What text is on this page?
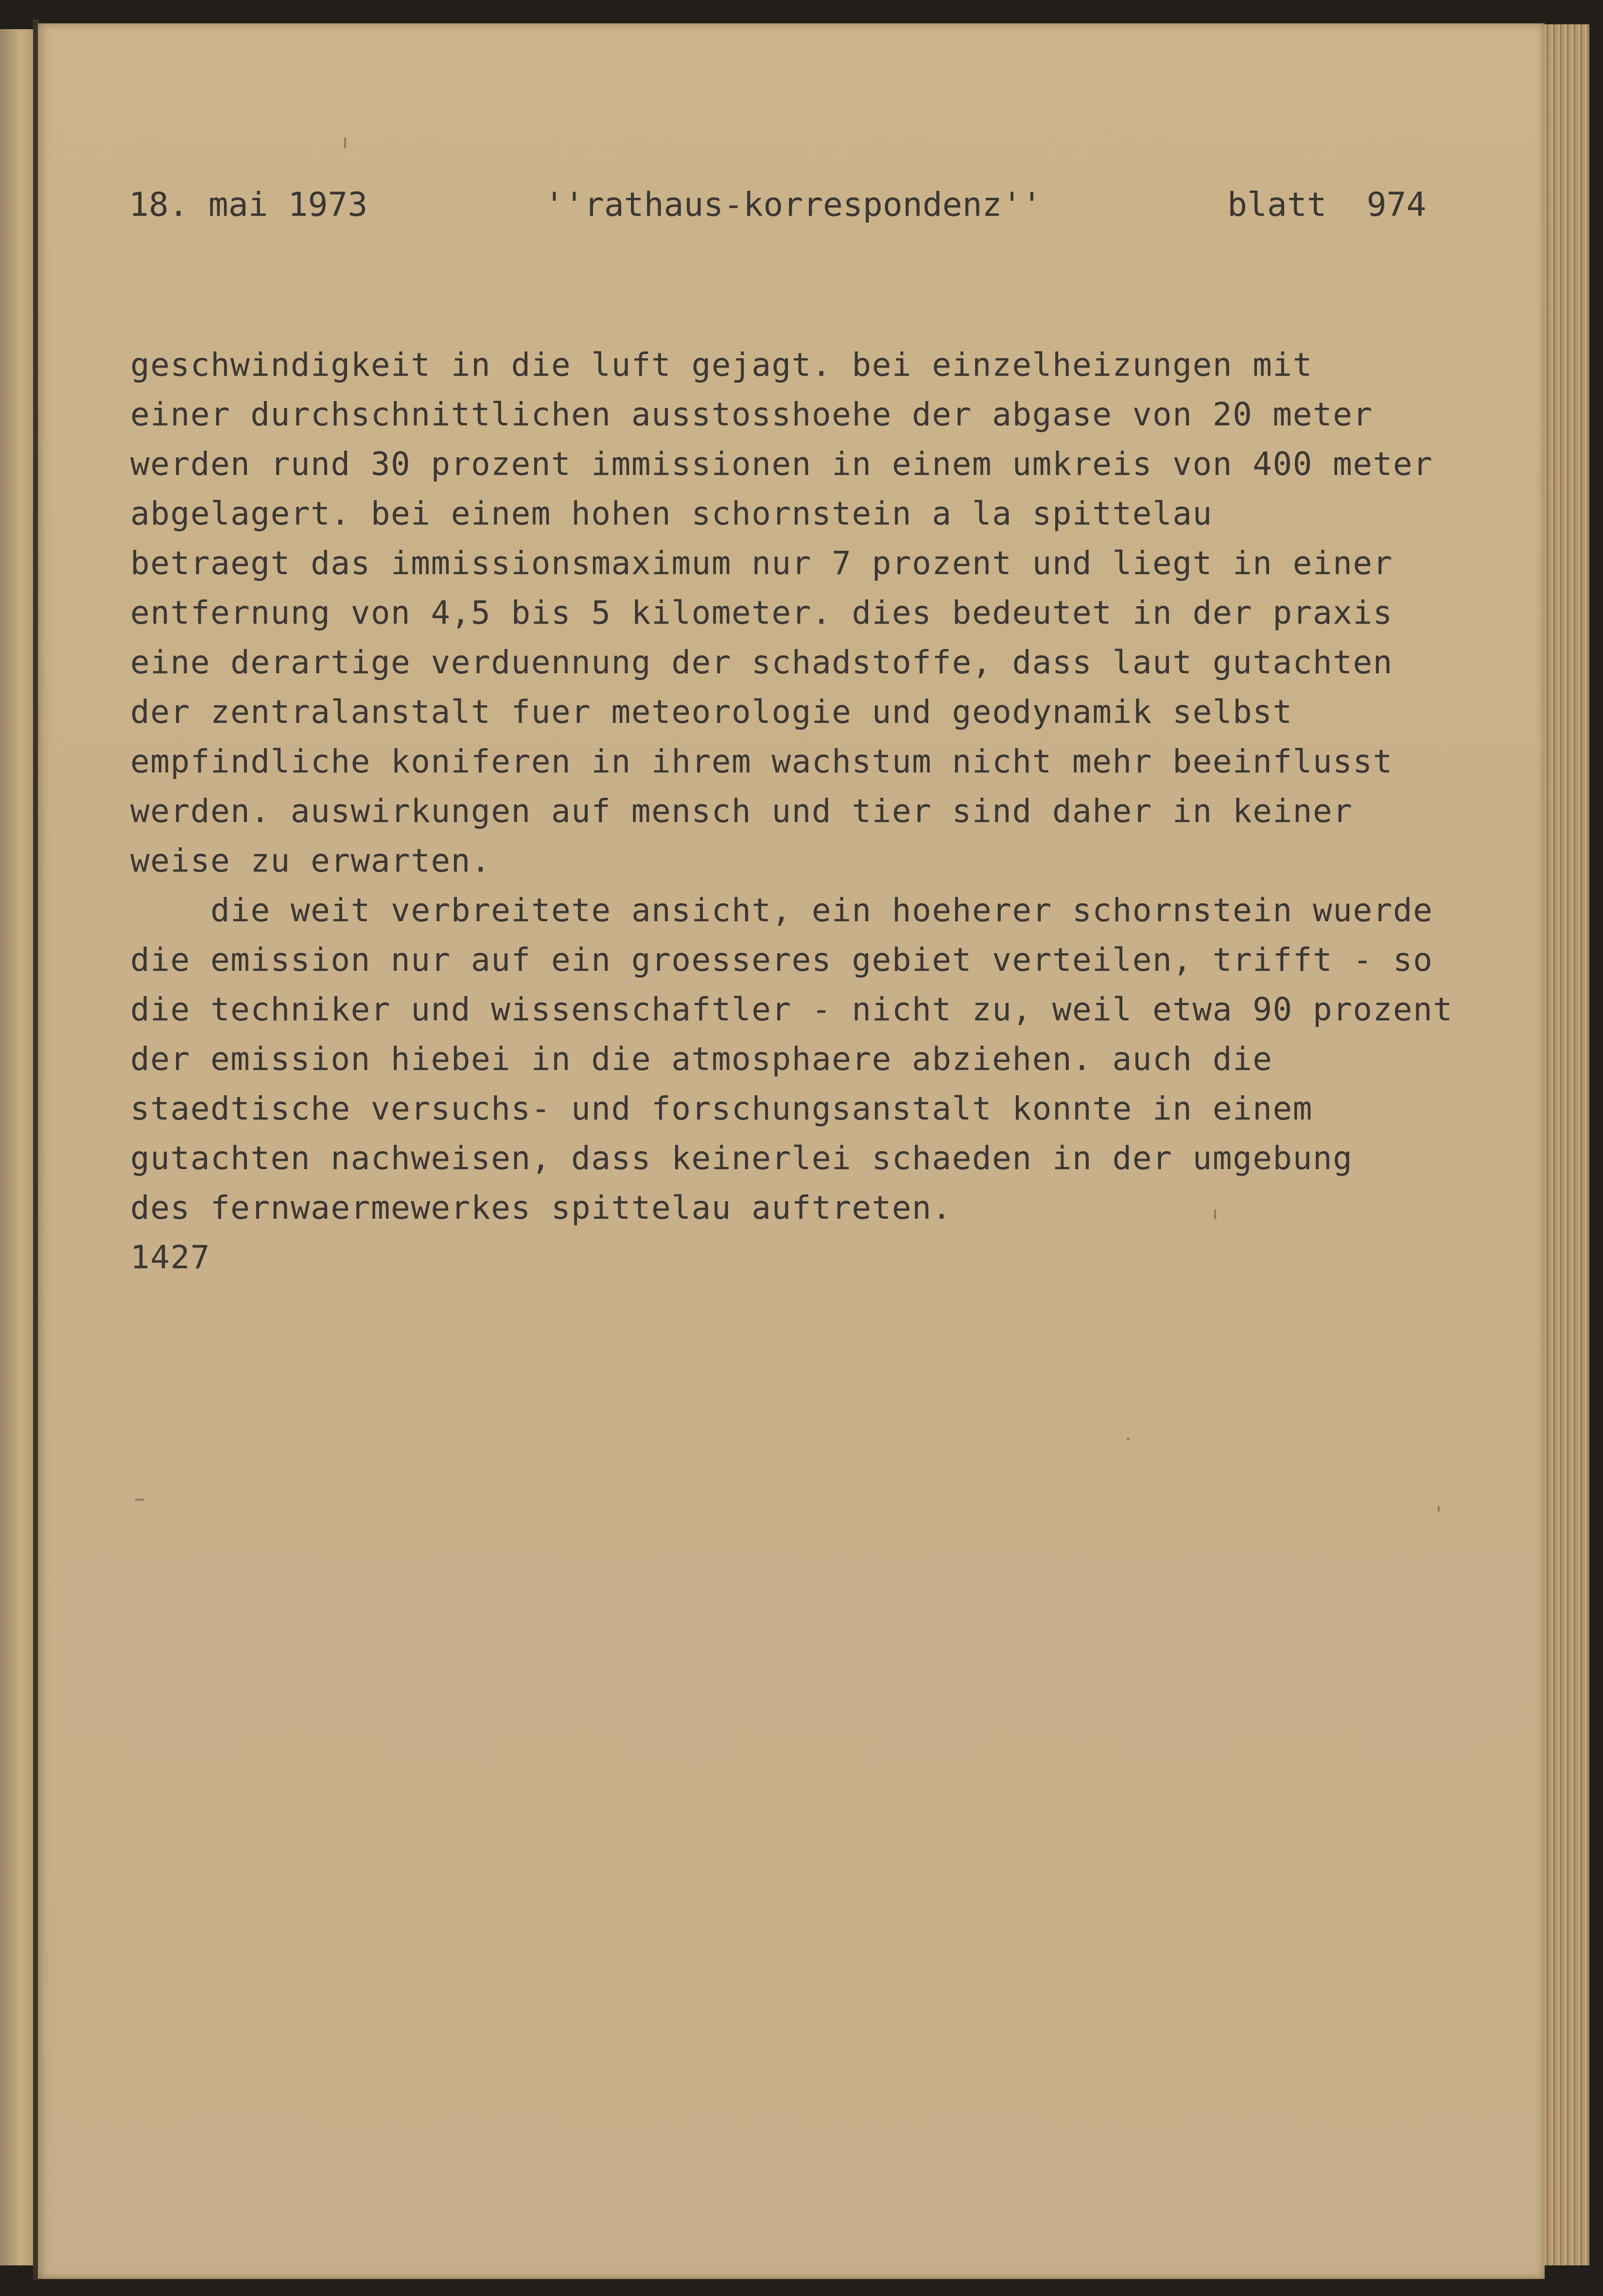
18. mai 1973	''rathaus-korrespondenz''	blatt  974
geschwindigkeit in die luft gejagt. bei einzelheizungen mit
einer durchschnittlichen ausstosshoehe der abgase von 20 meter
werden rund 30 prozent immissionen in einem umkreis von 400 meter
abgelagert. bei einem hohen schornstein a la spittelau
betraegt das immissionsmaximum nur 7 prozent und liegt in einer
entfernung von 4,5 bis 5 kilometer. dies bedeutet in der praxis
eine derartige verduennung der schadstoffe, dass laut gutachten
der zentralanstalt fuer meteorologie und geodynamik selbst
empfindliche koniferen in ihrem wachstum nicht mehr beeinflusst
werden. auswirkungen auf mensch und tier sind daher in keiner
weise zu erwarten.
die weit verbreitete ansicht, ein hoeherer schornstein wuerde
die emission nur auf ein groesseres gebiet verteilen, trifft - so
die techniker und wissenschaftler - nicht zu, weil etwa 90 prozent
der emission hiebei in die atmosphaere abziehen. auch die
staedtische versuchs- und forschungsanstalt konnte in einem
gutachten nachweisen, dass keinerlei schaeden in der umgebung
des fernwaermewerkes spittelau auftreten.
1427
